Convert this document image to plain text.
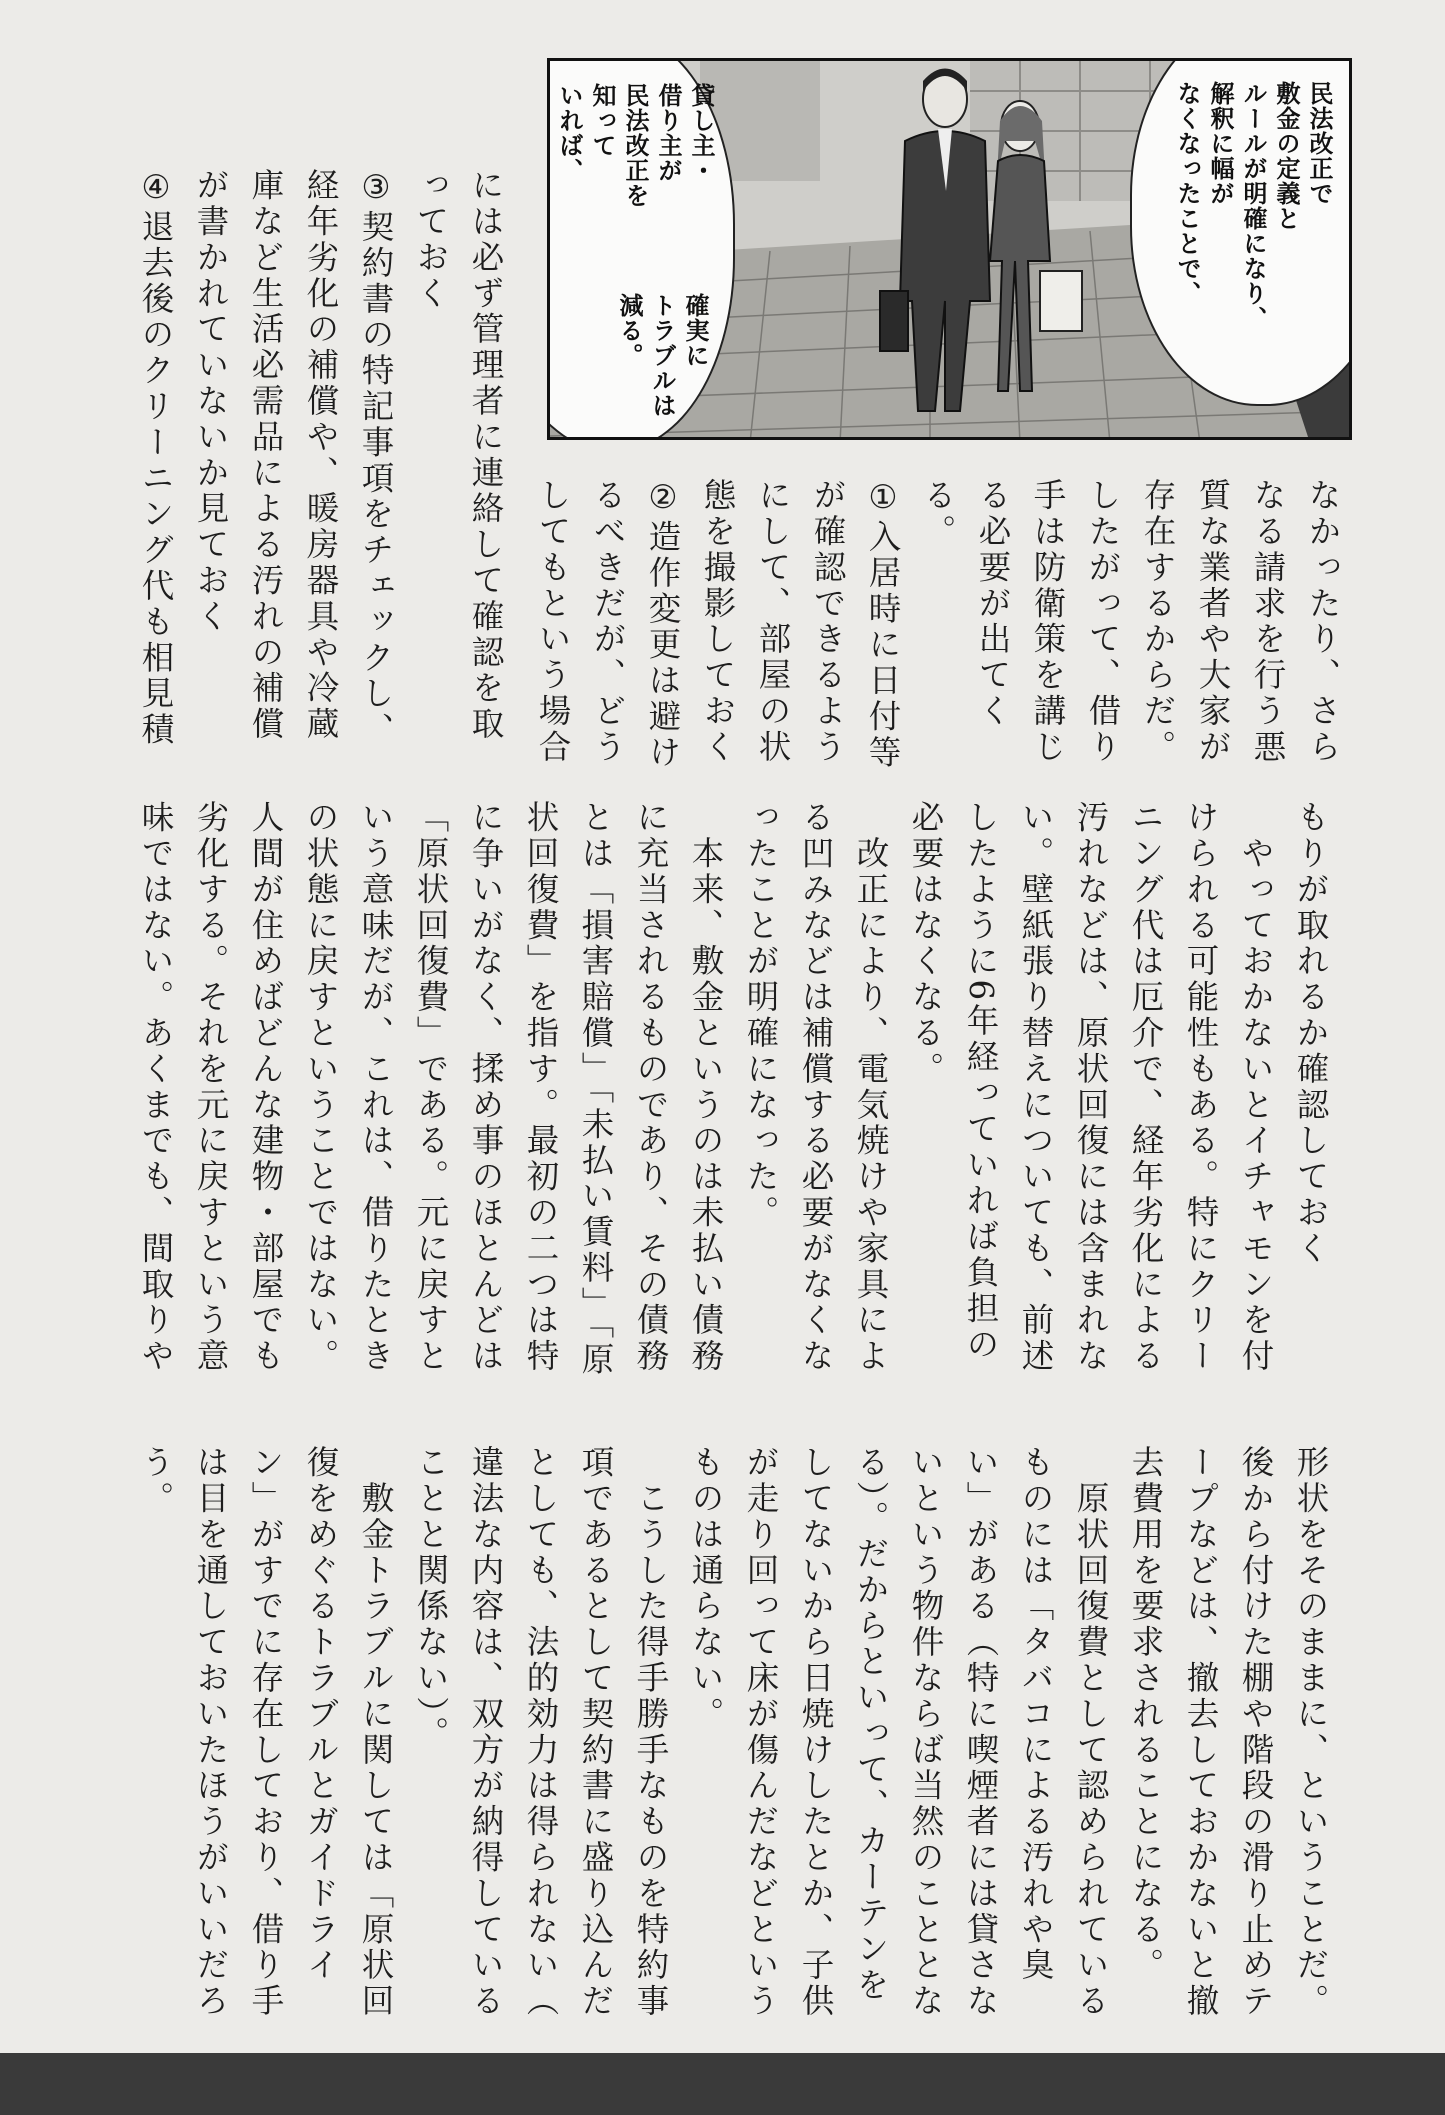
貸し主・
借り主が
民法改正を
知って
いれば、
確実に
トラブルは
減る。
民法改正で
敷金の定義と
ルールが明確になり、
解釈に幅が
なくなったことで、
なかったり、さら
なる請求を行う悪
質な業者や大家が
存在するからだ。
したがって、借り
手は防衛策を講じ
る必要が出てく
る。
①入居時に日付等
が確認できるよう
にして、部屋の状
態を撮影しておく
②造作変更は避け
るべきだが、どう
してもという場合
には必ず管理者に連絡して確認を取
っておく
③契約書の特記事項をチェックし、
経年劣化の補償や、暖房器具や冷蔵
庫など生活必需品による汚れの補償
が書かれていないか見ておく
④退去後のクリーニング代も相見積
もりが取れるか確認しておく
　やっておかないとイチャモンを付
けられる可能性もある。特にクリー
ニング代は厄介で、経年劣化による
汚れなどは、原状回復には含まれな
い。壁紙張り替えについても、前述
したように6年経っていれば負担の
必要はなくなる。
　改正により、電気焼けや家具によ
る凹みなどは補償する必要がなくな
ったことが明確になった。
　本来、敷金というのは未払い債務
に充当されるものであり、その債務
とは「損害賠償」「未払い賃料」「原
状回復費」を指す。最初の二つは特
に争いがなく、揉め事のほとんどは
「原状回復費」である。元に戻すと
いう意味だが、これは、借りたとき
の状態に戻すということではない。
人間が住めばどんな建物・部屋でも
劣化する。それを元に戻すという意
味ではない。あくまでも、間取りや
形状をそのままに、ということだ。
後から付けた棚や階段の滑り止めテ
ープなどは、撤去しておかないと撤
去費用を要求されることになる。
　原状回復費として認められている
ものには「タバコによる汚れや臭
い」がある（特に喫煙者には貸さな
いという物件ならば当然のこととな
る）。だからといって、カーテンを
してないから日焼けしたとか、子供
が走り回って床が傷んだなどという
ものは通らない。
　こうした得手勝手なものを特約事
項であるとして契約書に盛り込んだ
としても、法的効力は得られない（
違法な内容は、双方が納得している
ことと関係ない）。
　敷金トラブルに関しては「原状回
復をめぐるトラブルとガイドライ
ン」がすでに存在しており、借り手
は目を通しておいたほうがいいだろ
う。
